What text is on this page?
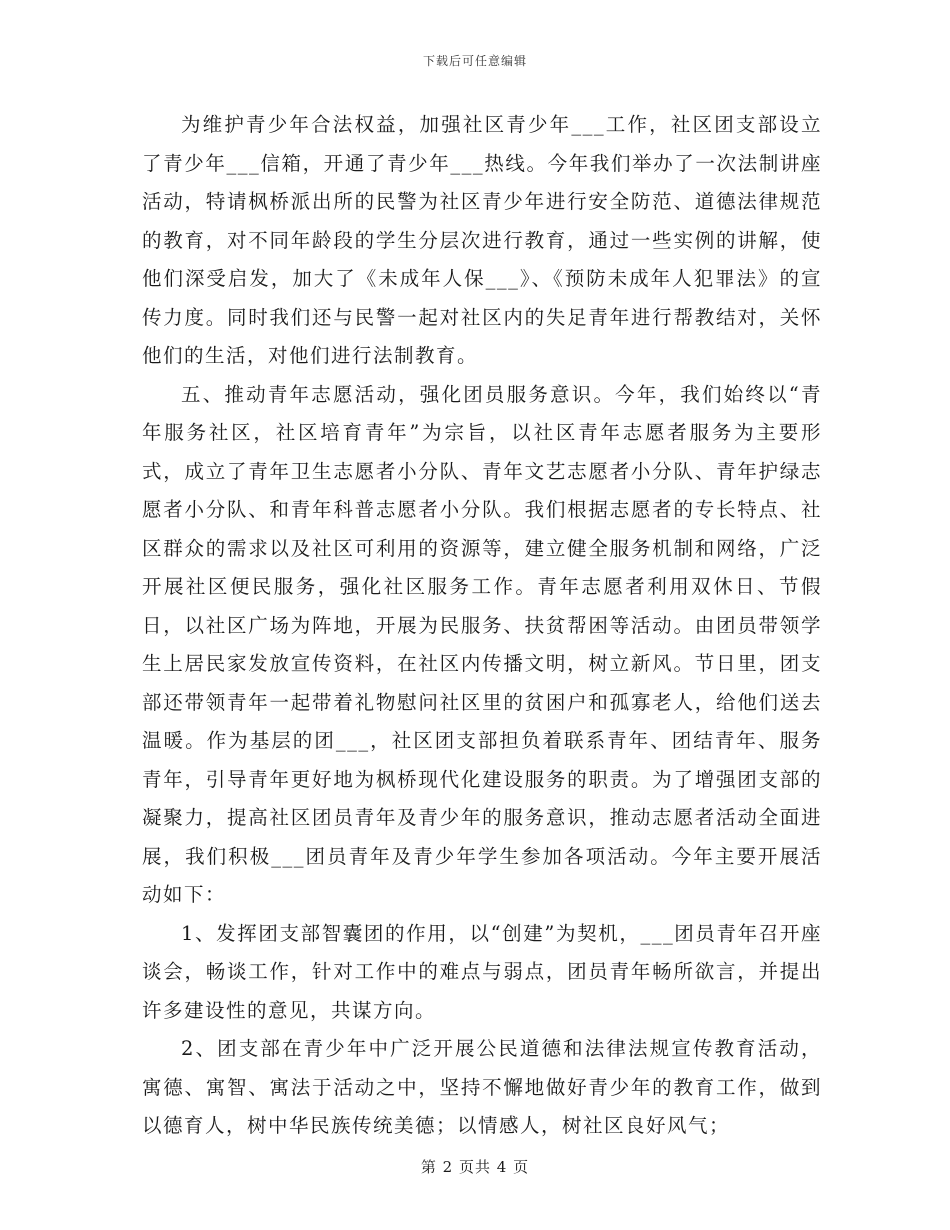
下载后可任意编辑

为维护青少年合法权益，加强社区青少年___工作，社区团支部设立了青少年___信箱，开通了青少年___热线。今年我们举办了一次法制讲座活动，特请枫桥派出所的民警为社区青少年进行安全防范、道德法律规范的教育，对不同年龄段的学生分层次进行教育，通过一些实例的讲解，使他们深受启发，加大了《未成年人保___》、《预防未成年人犯罪法》的宣传力度。同时我们还与民警一起对社区内的失足青年进行帮教结对，关怀他们的生活，对他们进行法制教育。

五、推动青年志愿活动，强化团员服务意识。今年，我们始终以“青年服务社区，社区培育青年”为宗旨，以社区青年志愿者服务为主要形式，成立了青年卫生志愿者小分队、青年文艺志愿者小分队、青年护绿志愿者小分队、和青年科普志愿者小分队。我们根据志愿者的专长特点、社区群众的需求以及社区可利用的资源等，建立健全服务机制和网络，广泛开展社区便民服务，强化社区服务工作。青年志愿者利用双休日、节假日，以社区广场为阵地，开展为民服务、扶贫帮困等活动。由团员带领学生上居民家发放宣传资料，在社区内传播文明，树立新风。节日里，团支部还带领青年一起带着礼物慰问社区里的贫困户和孤寡老人，给他们送去温暖。作为基层的团___，社区团支部担负着联系青年、团结青年、服务青年，引导青年更好地为枫桥现代化建设服务的职责。为了增强团支部的凝聚力，提高社区团员青年及青少年的服务意识，推动志愿者活动全面进展，我们积极___团员青年及青少年学生参加各项活动。今年主要开展活动如下：

1、发挥团支部智囊团的作用，以“创建”为契机，___团员青年召开座谈会，畅谈工作，针对工作中的难点与弱点，团员青年畅所欲言，并提出许多建设性的意见，共谋方向。

2、团支部在青少年中广泛开展公民道德和法律法规宣传教育活动，寓德、寓智、寓法于活动之中，坚持不懈地做好青少年的教育工作，做到以德育人，树中华民族传统美德；以情感人，树社区良好风气；

第 2 页共 4 页
